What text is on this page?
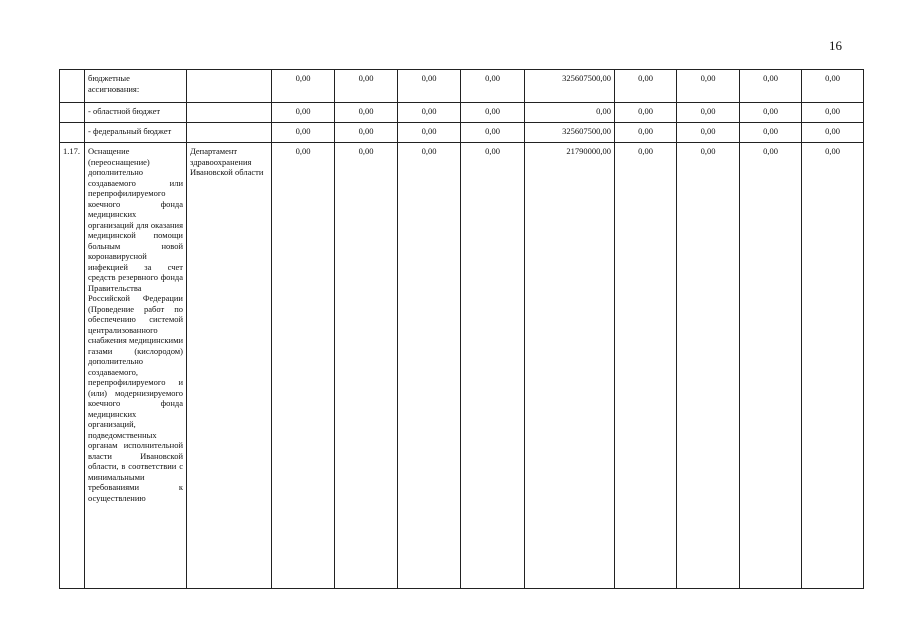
16
	бюджетные ассигнования:		0,00	0,00	0,00	0,00	325607500,00	0,00	0,00	0,00	0,00
	- областной бюджет		0,00	0,00	0,00	0,00	0,00	0,00	0,00	0,00	0,00
	- федеральный бюджет		0,00	0,00	0,00	0,00	325607500,00	0,00	0,00	0,00	0,00
1.17.	Оснащение (переоснащение) дополнительно создаваемого или перепрофилируемого коечного фонда медицинских организаций для оказания медицинской помощи больным новой коронавирусной инфекцией за счет средств резервного фонда Правительства Российской Федерации (Проведение работ по обеспечению системой централизованного снабжения медицинскими газами (кислородом) дополнительно создаваемого, перепрофилируемого и (или) модернизируемого коечного фонда медицинских организаций, подведомственных органам исполнительной власти Ивановской области, в соответствии с минимальными требованиями к осуществлению	Департамент здравоохранения Ивановской области	0,00	0,00	0,00	0,00	21790000,00	0,00	0,00	0,00	0,00
